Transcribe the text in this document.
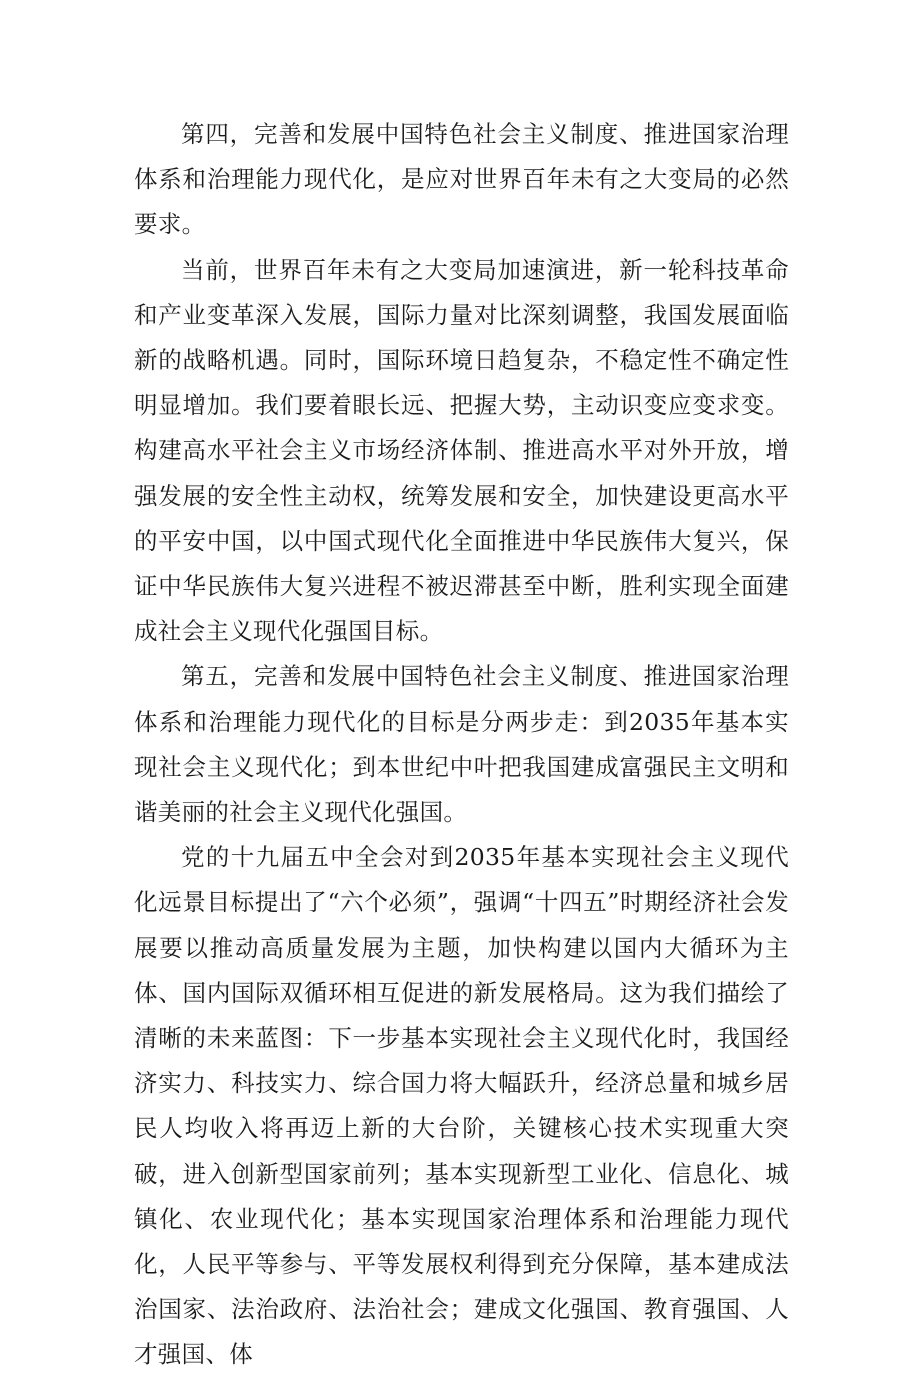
第四，完善和发展中国特色社会主义制度、推进国家治理体系和治理能力现代化，是应对世界百年未有之大变局的必然要求。

当前，世界百年未有之大变局加速演进，新一轮科技革命和产业变革深入发展，国际力量对比深刻调整，我国发展面临新的战略机遇。同时，国际环境日趋复杂，不稳定性不确定性明显增加。我们要着眼长远、把握大势，主动识变应变求变。构建高水平社会主义市场经济体制、推进高水平对外开放，增强发展的安全性主动权，统筹发展和安全，加快建设更高水平的平安中国，以中国式现代化全面推进中华民族伟大复兴，保证中华民族伟大复兴进程不被迟滞甚至中断，胜利实现全面建成社会主义现代化强国目标。

第五，完善和发展中国特色社会主义制度、推进国家治理体系和治理能力现代化的目标是分两步走：到2035年基本实现社会主义现代化；到本世纪中叶把我国建成富强民主文明和谐美丽的社会主义现代化强国。

党的十九届五中全会对到2035年基本实现社会主义现代化远景目标提出了“六个必须”，强调“十四五”时期经济社会发展要以推动高质量发展为主题，加快构建以国内大循环为主体、国内国际双循环相互促进的新发展格局。这为我们描绘了清晰的未来蓝图：下一步基本实现社会主义现代化时，我国经济实力、科技实力、综合国力将大幅跃升，经济总量和城乡居民人均收入将再迈上新的大台阶，关键核心技术实现重大突破，进入创新型国家前列；基本实现新型工业化、信息化、城镇化、农业现代化；基本实现国家治理体系和治理能力现代化，人民平等参与、平等发展权利得到充分保障，基本建成法治国家、法治政府、法治社会；建成文化强国、教育强国、人才强国、体
